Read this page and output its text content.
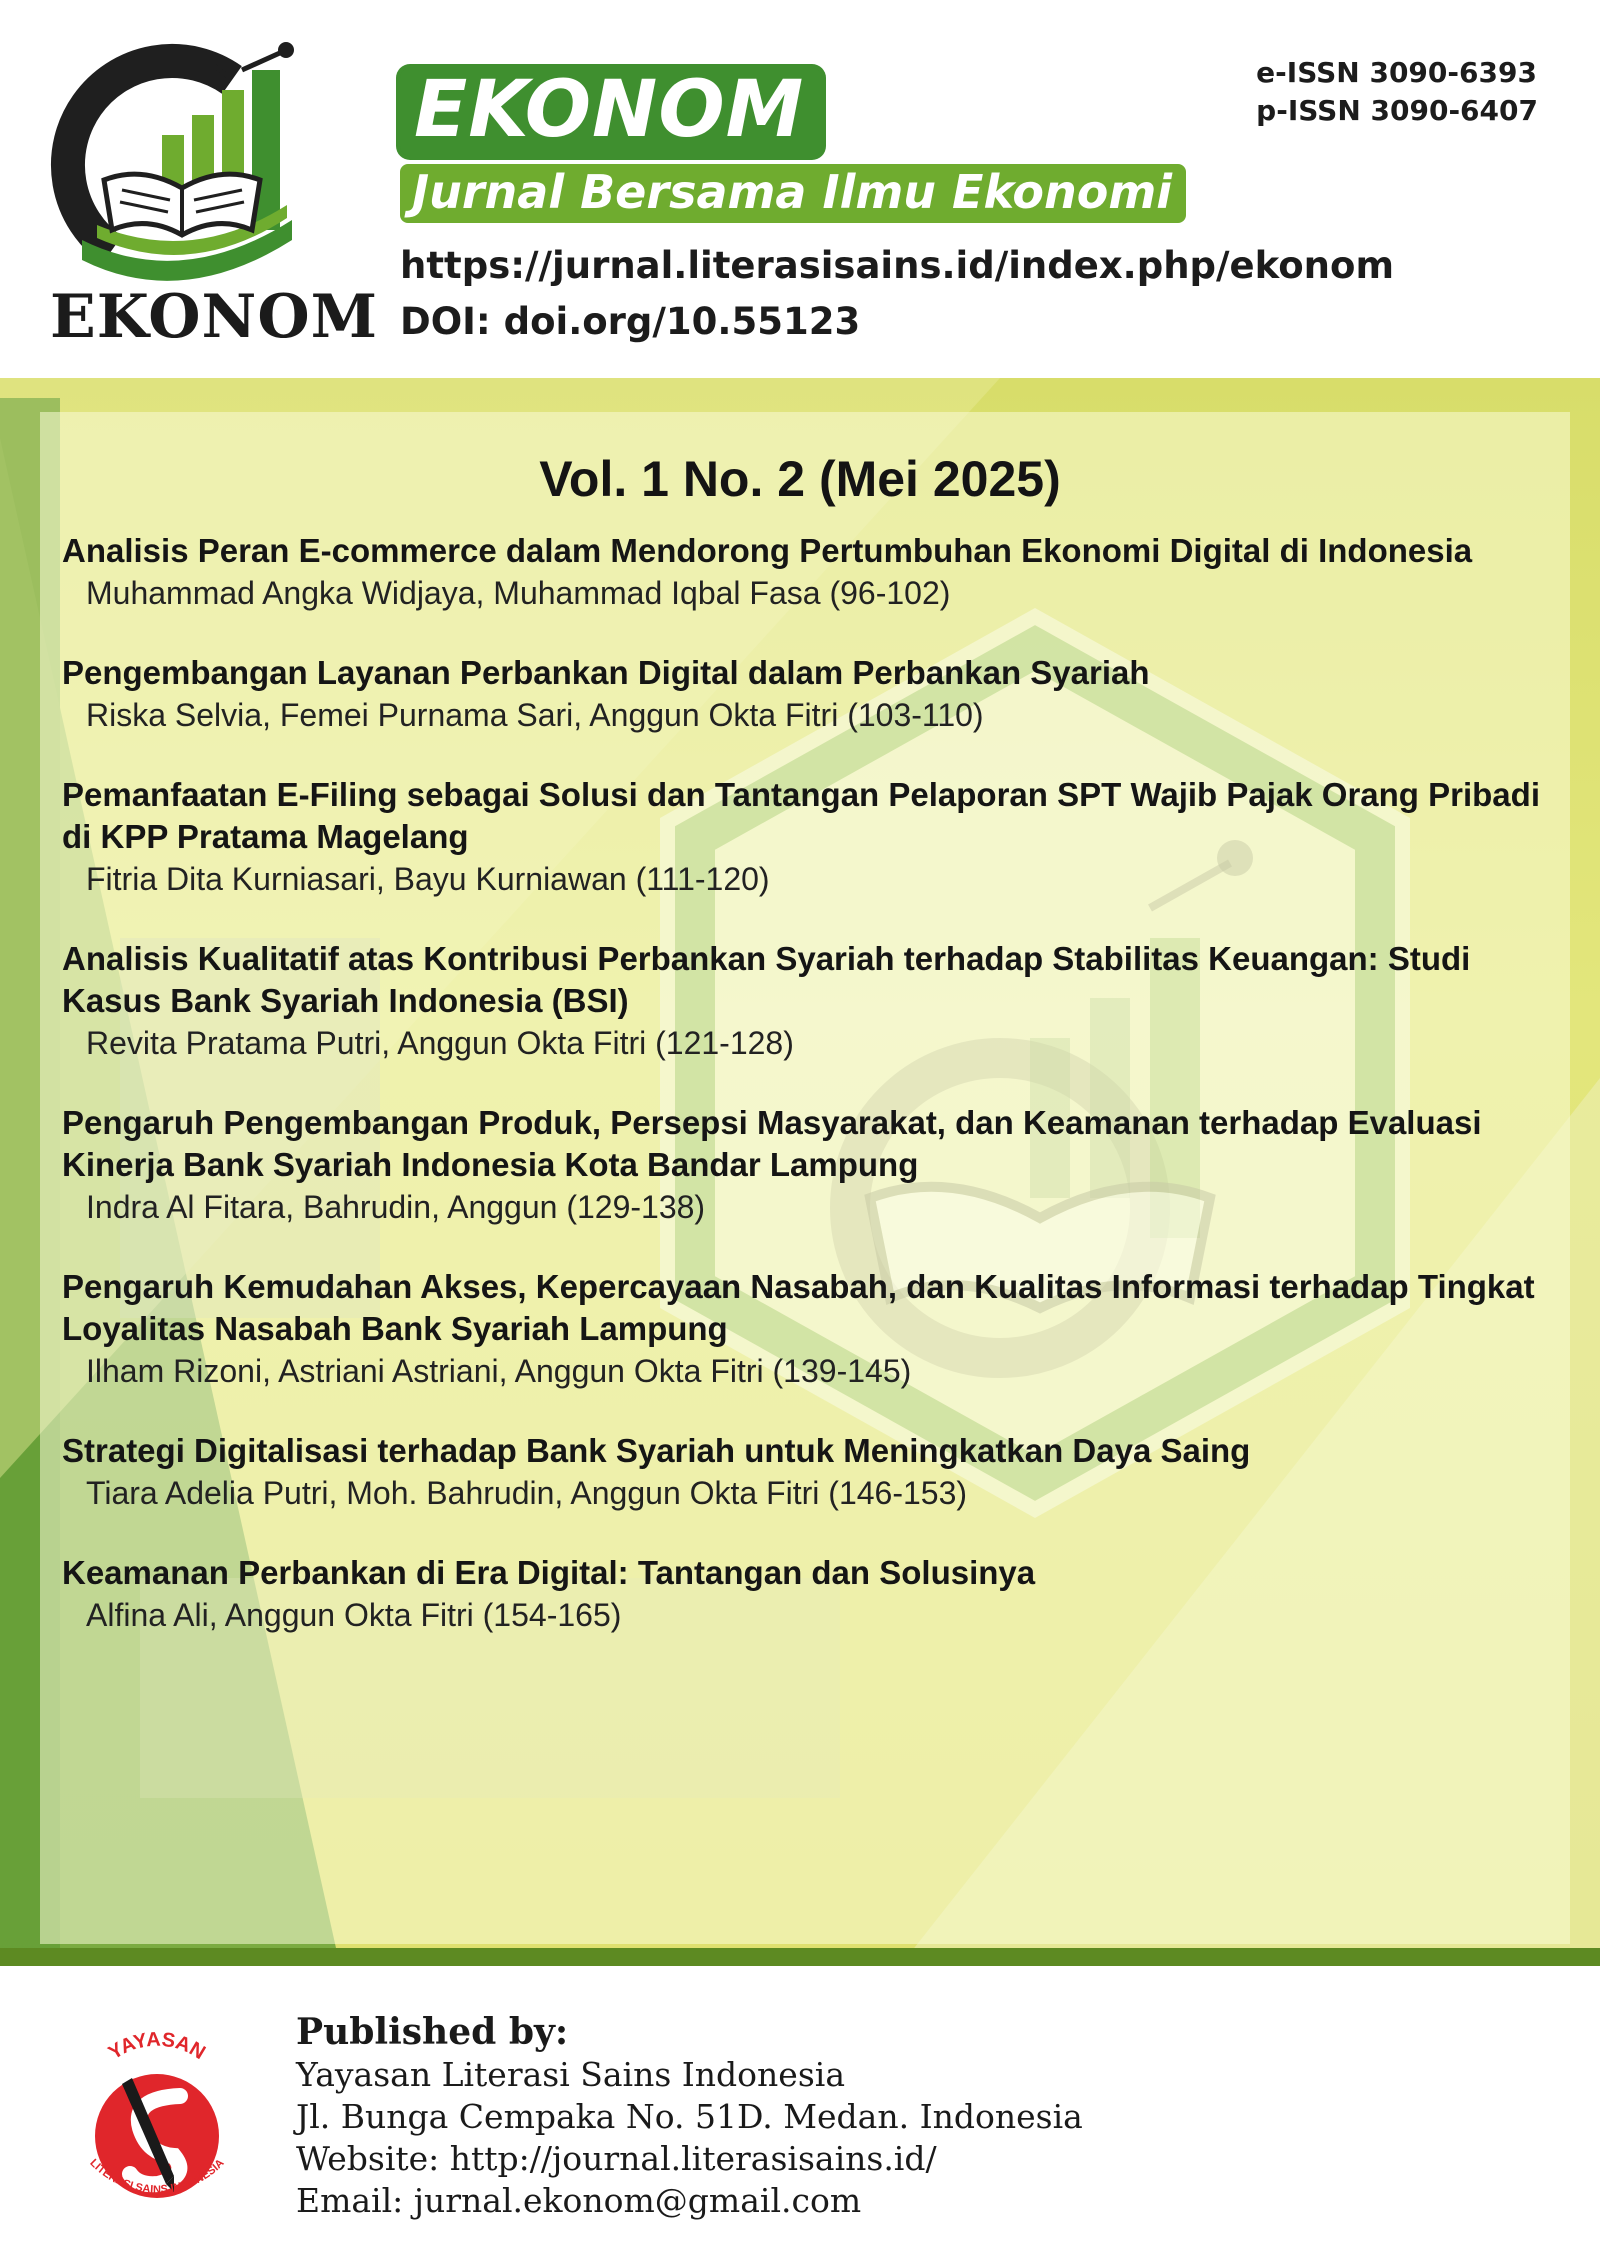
EKONOM
EKONOM
Jurnal Bersama Ilmu Ekonomi
https://jurnal.literasisains.id/index.php/ekonom
DOI: doi.org/10.55123
e-ISSN 3090-6393
p-ISSN 3090-6407
Vol. 1 No. 2 (Mei 2025)
Analisis Peran E-commerce dalam Mendorong Pertumbuhan Ekonomi Digital di Indonesia
Muhammad Angka Widjaya, Muhammad Iqbal Fasa (96-102)
Pengembangan Layanan Perbankan Digital dalam Perbankan Syariah
Riska Selvia, Femei Purnama Sari, Anggun Okta Fitri (103-110)
Pemanfaatan E-Filing sebagai Solusi dan Tantangan Pelaporan SPT Wajib Pajak Orang Pribadi di KPP Pratama Magelang
Fitria Dita Kurniasari, Bayu Kurniawan (111-120)
Analisis Kualitatif atas Kontribusi Perbankan Syariah terhadap Stabilitas Keuangan: Studi Kasus Bank Syariah Indonesia (BSI)
Revita Pratama Putri, Anggun Okta Fitri (121-128)
Pengaruh Pengembangan Produk, Persepsi Masyarakat, dan Keamanan terhadap Evaluasi Kinerja Bank Syariah Indonesia Kota Bandar Lampung
Indra Al Fitara, Bahrudin, Anggun (129-138)
Pengaruh Kemudahan Akses, Kepercayaan Nasabah, dan Kualitas Informasi terhadap Tingkat Loyalitas Nasabah Bank Syariah Lampung
Ilham Rizoni, Astriani Astriani, Anggun Okta Fitri (139-145)
Strategi Digitalisasi terhadap Bank Syariah untuk Meningkatkan Daya Saing
Tiara Adelia Putri, Moh. Bahrudin, Anggun Okta Fitri (146-153)
Keamanan Perbankan di Era Digital: Tantangan dan Solusinya
Alfina Ali, Anggun Okta Fitri (154-165)
YAYASAN
LITERASI SAINS INDONESIA
Published by:
Yayasan Literasi Sains Indonesia
Jl. Bunga Cempaka No. 51D. Medan. Indonesia
Website: http://journal.literasisains.id/
Email: jurnal.ekonom@gmail.com
